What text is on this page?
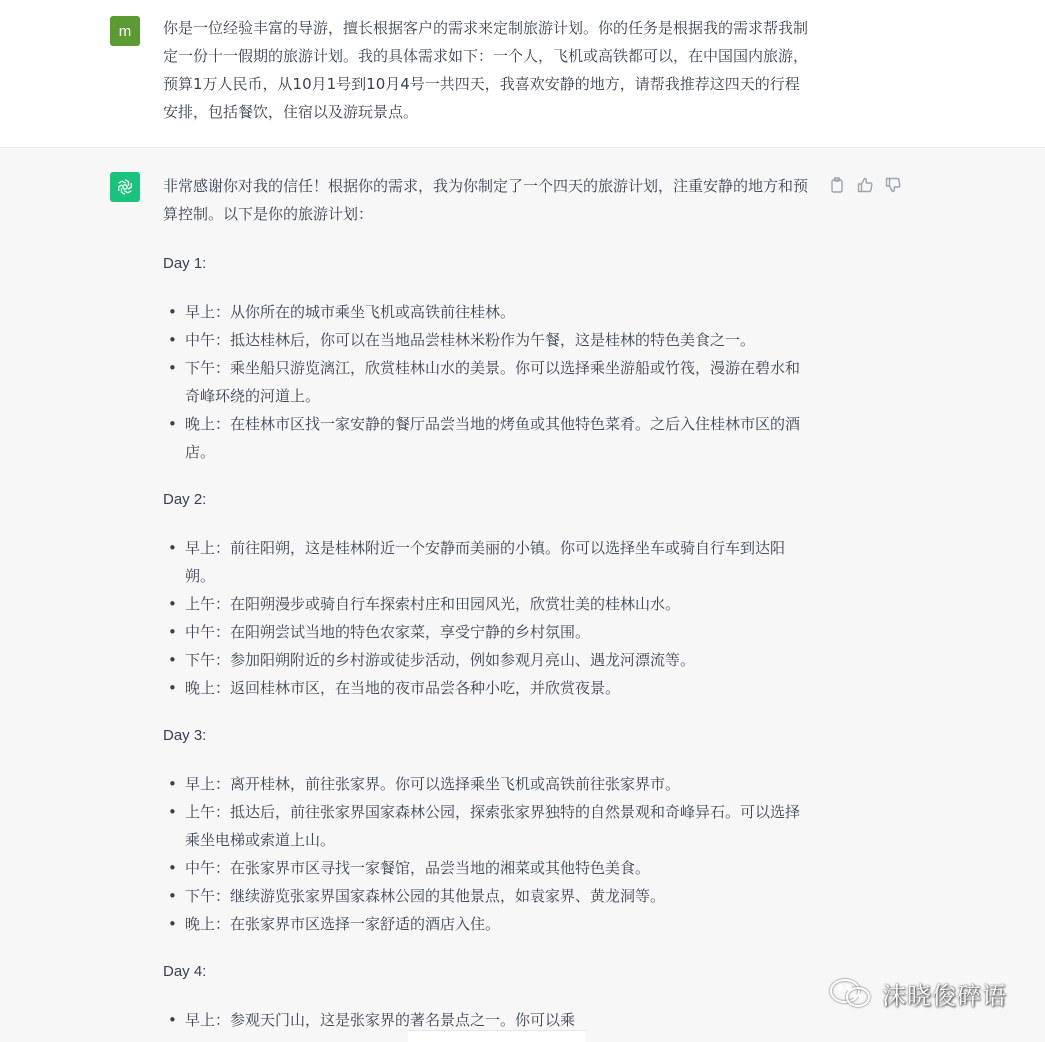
m 你是一位经验丰富的导游，擅长根据客户的需求来定制旅游计划。你的任务是根据我的需求帮我制定一份十一假期的旅游计划。我的具体需求如下：一个人，飞机或高铁都可以，在中国国内旅游，预算1万人民币，从10月1号到10月4号一共四天，我喜欢安静的地方，请帮我推荐这四天的行程安排，包括餐饮，住宿以及游玩景点。

非常感谢你对我的信任！根据你的需求，我为你制定了一个四天的旅游计划，注重安静的地方和预算控制。以下是你的旅游计划：

Day 1:

• 早上：从你所在的城市乘坐飞机或高铁前往桂林。
• 中午：抵达桂林后，你可以在当地品尝桂林米粉作为午餐，这是桂林的特色美食之一。
• 下午：乘坐船只游览漓江，欣赏桂林山水的美景。你可以选择乘坐游船或竹筏，漫游在碧水和奇峰环绕的河道上。
• 晚上：在桂林市区找一家安静的餐厅品尝当地的烤鱼或其他特色菜肴。之后入住桂林市区的酒店。

Day 2:

• 早上：前往阳朔，这是桂林附近一个安静而美丽的小镇。你可以选择坐车或骑自行车到达阳朔。
• 上午：在阳朔漫步或骑自行车探索村庄和田园风光，欣赏壮美的桂林山水。
• 中午：在阳朔尝试当地的特色农家菜，享受宁静的乡村氛围。
• 下午：参加阳朔附近的乡村游或徒步活动，例如参观月亮山、遇龙河漂流等。
• 晚上：返回桂林市区，在当地的夜市品尝各种小吃，并欣赏夜景。

Day 3:

• 早上：离开桂林，前往张家界。你可以选择乘坐飞机或高铁前往张家界市。
• 上午：抵达后，前往张家界国家森林公园，探索张家界独特的自然景观和奇峰异石。可以选择乘坐电梯或索道上山。
• 中午：在张家界市区寻找一家餐馆，品尝当地的湘菜或其他特色美食。
• 下午：继续游览张家界国家森林公园的其他景点，如袁家界、黄龙洞等。
• 晚上：在张家界市区选择一家舒适的酒店入住。

Day 4:

• 早上：参观天门山，这是张家界的著名景点之一。你可以乘
沫晓俊碎语
